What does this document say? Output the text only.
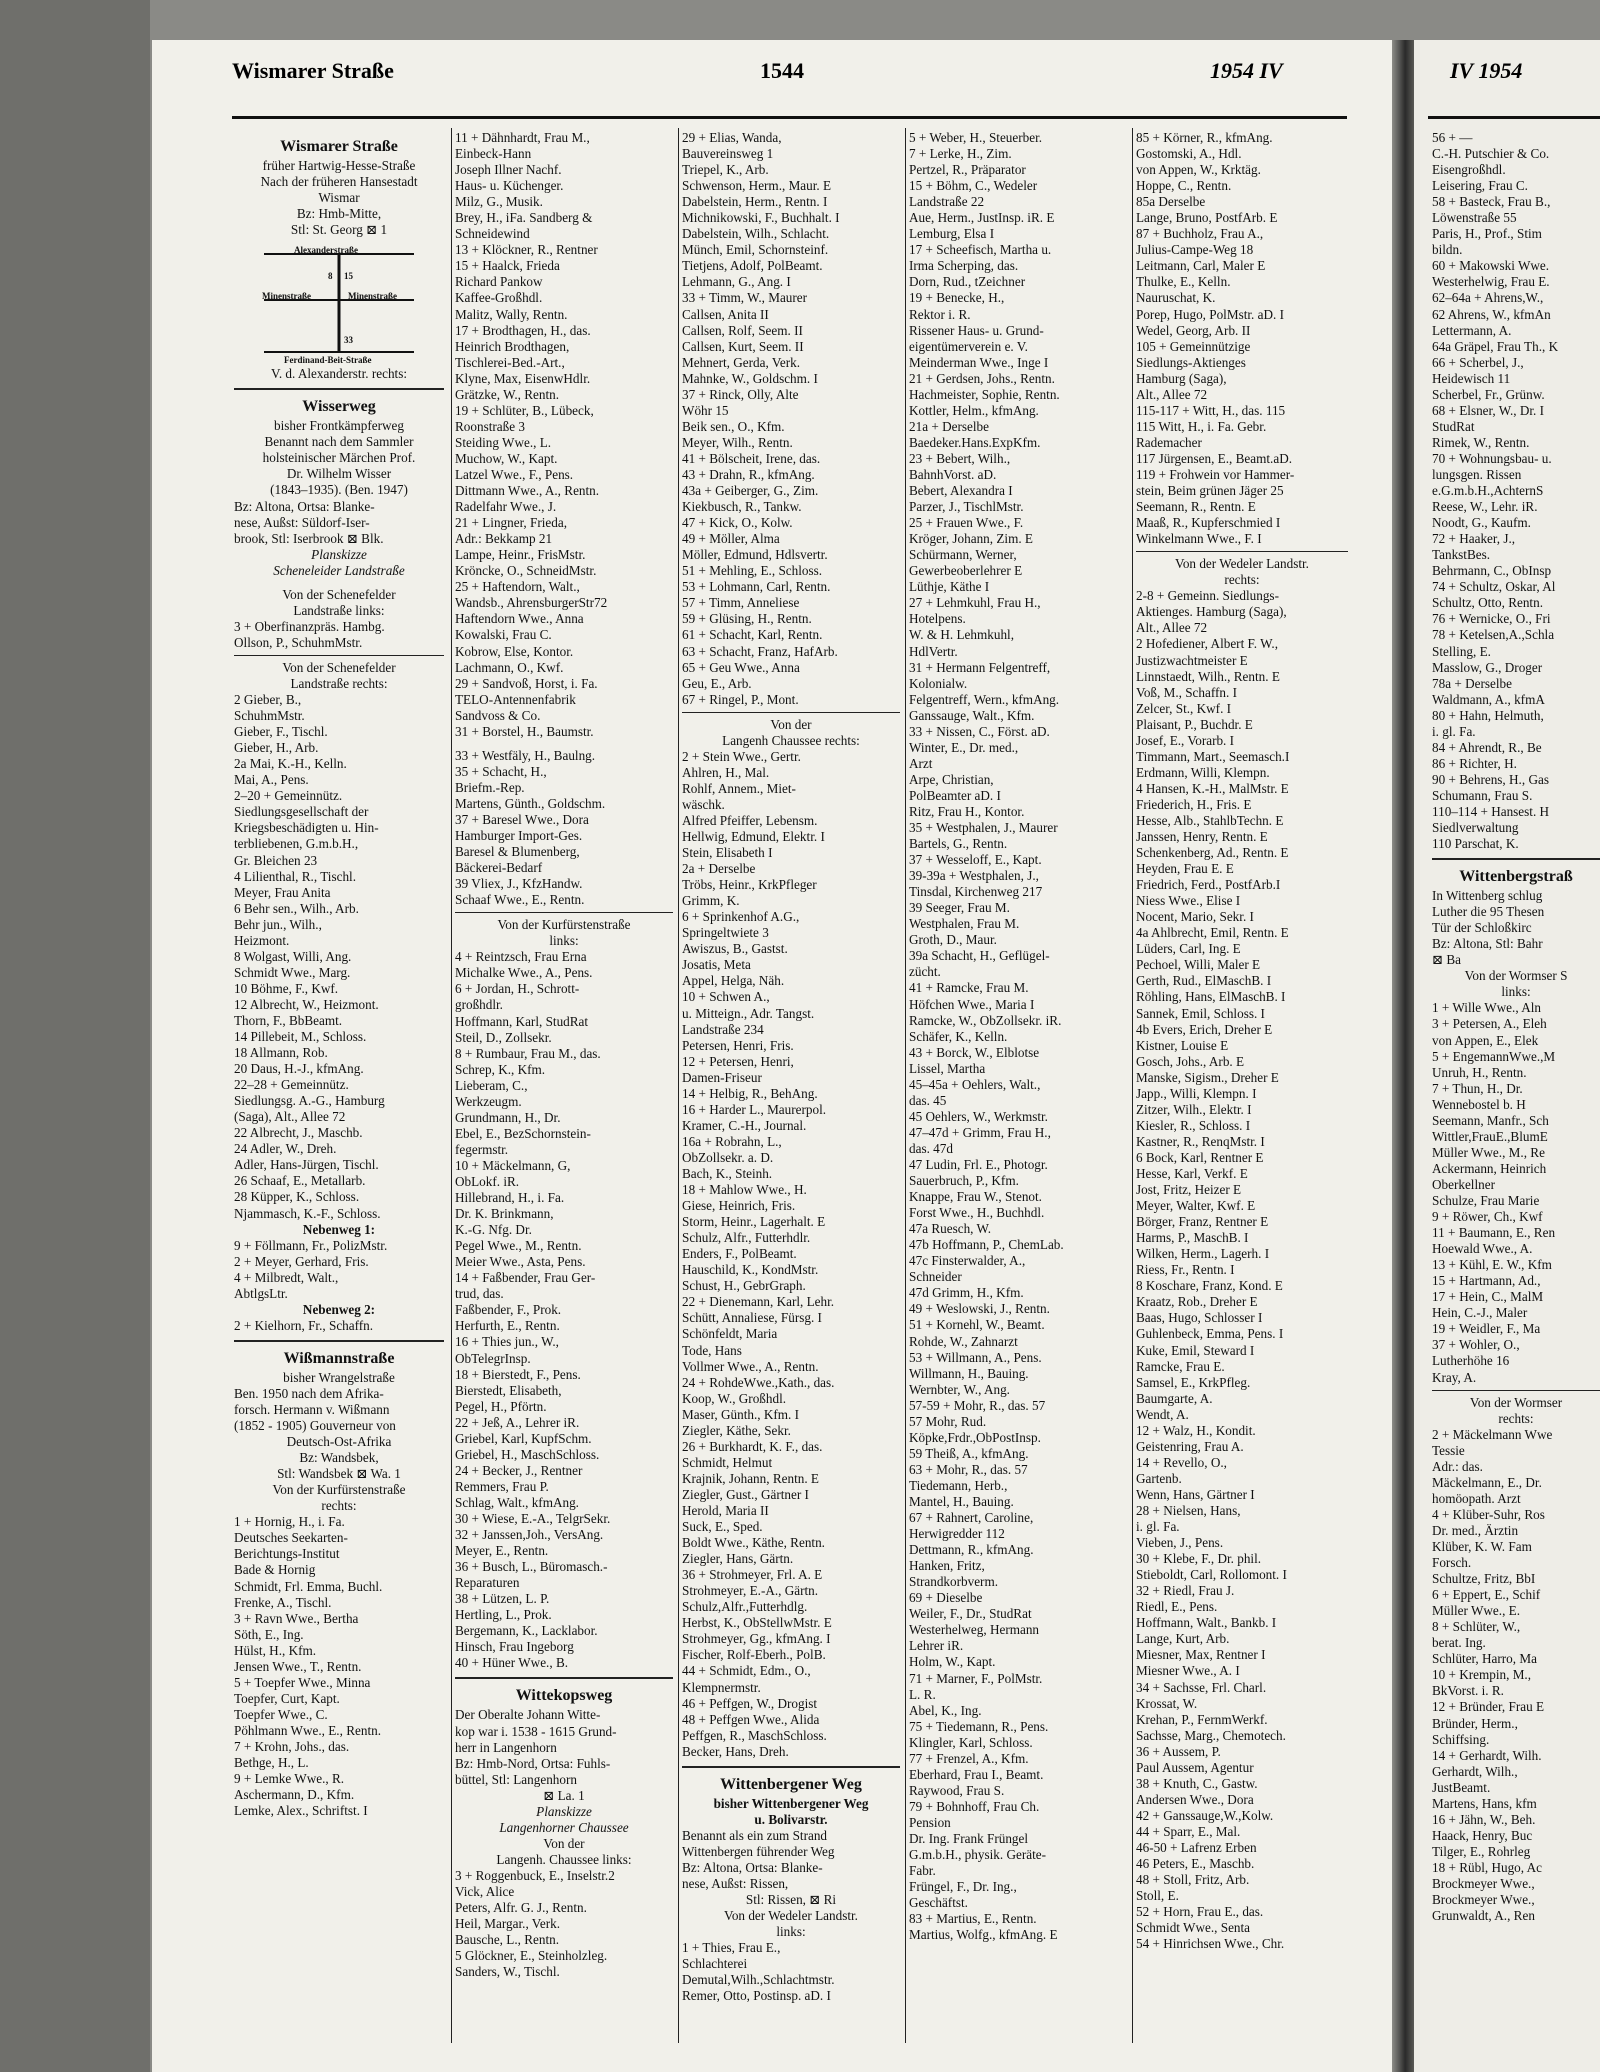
Wismarer Straße	1544	1954 IV	IV 1954
Wismarer Straße
früher Hartwig-Hesse-Straße
Nach der früheren Hansestadt
Wismar
Bz: Hmb-Mitte,
Stl: St. Georg ⊠ 1
Alexanderstraße
Minenstraße	Minenstraße
Ferdinand-Beit-Straße
8 15
33
V. d. Alexanderstr. rechts:
Wisserweg
bisher Frontkämpferweg
Benannt nach dem Sammler
holsteinischer Märchen Prof.
Dr. Wilhelm Wisser
(1843–1935). (Ben. 1947)
Bz: Altona, Ortsa: Blanke-
nese, Außst: Süldorf-Iser-
brook, Stl: Iserbrook ⊠ Blk.
Planskizze
Scheneleider Landstraße
Von der Schenefelder
Landstraße links:
3 + Oberfinanzpräs. Hambg.
Ollson, P., SchuhmMstr.
Von der Schenefelder
Landstraße rechts:
2 Gieber, B.,
SchuhmMstr.
Gieber, F., Tischl.
Gieber, H., Arb.
2a Mai, K.-H., Kelln.
Mai, A., Pens.
2–20 + Gemeinnütz.
Siedlungsgesellschaft der
Kriegsbeschädigten u. Hin-
terbliebenen, G.m.b.H.,
Gr. Bleichen 23
4 Lilienthal, R., Tischl.
Meyer, Frau Anita
6 Behr sen., Wilh., Arb.
Behr jun., Wilh.,
Heizmont.
8 Wolgast, Willi, Ang.
Schmidt Wwe., Marg.
10 Böhme, F., Kwf.
12 Albrecht, W., Heizmont.
Thorn, F., BbBeamt.
14 Pillebeit, M., Schloss.
18 Allmann, Rob.
20 Daus, H.-J., kfmAng.
22–28 + Gemeinnütz.
Siedlungsg. A.-G., Hamburg
(Saga), Alt., Allee 72
22 Albrecht, J., Maschb.
24 Adler, W., Dreh.
Adler, Hans-Jürgen, Tischl.
26 Schaaf, E., Metallarb.
28 Küpper, K., Schloss.
Njammasch, K.-F., Schloss.
Nebenweg 1:
9 + Föllmann, Fr., PolizMstr.
2 + Meyer, Gerhard, Fris.
4 + Milbredt, Walt.,
AbtlgsLtr.
Nebenweg 2:
2 + Kielhorn, Fr., Schaffn.
Wißmannstraße
bisher Wrangelstraße
Ben. 1950 nach dem Afrika-
forsch. Hermann v. Wißmann
(1852 - 1905) Gouverneur von
Deutsch-Ost-Afrika
Bz: Wandsbek,
Stl: Wandsbek ⊠ Wa. 1
Von der Kurfürstenstraße
rechts:
1 + Hornig, H., i. Fa.
Deutsches Seekarten-
Berichtungs-Institut
Bade & Hornig
Schmidt, Frl. Emma, Buchl.
Frenke, A., Tischl.
3 + Ravn Wwe., Bertha
Söth, E., Ing.
Hülst, H., Kfm.
Jensen Wwe., T., Rentn.
5 + Toepfer Wwe., Minna
Toepfer, Curt, Kapt.
Toepfer Wwe., C.
Pöhlmann Wwe., E., Rentn.
7 + Krohn, Johs., das.
Bethge, H., L.
9 + Lemke Wwe., R.
Aschermann, D., Kfm.
Lemke, Alex., Schriftst. I
11 + Dähnhardt, Frau M.,
Einbeck-Hann
Joseph Illner Nachf.
Haus- u. Küchenger.
Milz, G., Musik.
Brey, H., iFa. Sandberg &
Schneidewind
13 + Klöckner, R., Rentner
15 + Haalck, Frieda
Richard Pankow
Kaffee-Großhdl.
Malitz, Wally, Rentn.
17 + Brodthagen, H., das.
Heinrich Brodthagen,
Tischlerei-Bed.-Art.,
Klyne, Max, EisenwHdlr.
Grätzke, W., Rentn.
19 + Schlüter, B., Lübeck,
Roonstraße 3
Steiding Wwe., L.
Muchow, W., Kapt.
Latzel Wwe., F., Pens.
Dittmann Wwe., A., Rentn.
Radelfahr Wwe., J.
21 + Lingner, Frieda,
Adr.: Bekkamp 21
Lampe, Heinr., FrisMstr.
Kröncke, O., SchneidMstr.
25 + Haftendorn, Walt.,
Wandsb., AhrensburgerStr72
Haftendorn Wwe., Anna
Kowalski, Frau C.
Kobrow, Else, Kontor.
Lachmann, O., Kwf.
29 + Sandvoß, Horst, i. Fa.
TELO-Antennenfabrik
Sandvoss & Co.
31 + Borstel, H., Baumstr.
33 + Westfäly, H., Baulng.
35 + Schacht, H.,
Briefm.-Rep.
Martens, Günth., Goldschm.
37 + Baresel Wwe., Dora
Hamburger Import-Ges.
Baresel & Blumenberg,
Bäckerei-Bedarf
39 Vliex, J., KfzHandw.
Schaaf Wwe., E., Rentn.
Von der Kurfürstenstraße
links:
4 + Reintzsch, Frau Erna
Michalke Wwe., A., Pens.
6 + Jordan, H., Schrott-
großhdlr.
Hoffmann, Karl, StudRat
Steil, D., Zollsekr.
8 + Rumbaur, Frau M., das.
Schrep, K., Kfm.
Lieberam, C.,
Werkzeugm.
Grundmann, H., Dr.
Ebel, E., BezSchornstein-
fegermstr.
10 + Mäckelmann, G,
ObLokf. iR.
Hillebrand, H., i. Fa.
Dr. K. Brinkmann,
K.-G. Nfg. Dr.
Pegel Wwe., M., Rentn.
Meier Wwe., Asta, Pens.
14 + Faßbender, Frau Ger-
trud, das.
Faßbender, F., Prok.
Herfurth, E., Rentn.
16 + Thies jun., W.,
ObTelegrInsp.
18 + Bierstedt, F., Pens.
Bierstedt, Elisabeth,
Pegel, H., Pförtn.
22 + Jeß, A., Lehrer iR.
Griebel, Karl, KupfSchm.
Griebel, H., MaschSchloss.
24 + Becker, J., Rentner
Remmers, Frau P.
Schlag, Walt., kfmAng.
30 + Wiese, E.-A., TelgrSekr.
32 + Janssen,Joh., VersAng.
Meyer, E., Rentn.
36 + Busch, L., Büromasch.-
Reparaturen
38 + Lützen, L. P.
Hertling, L., Prok.
Bergemann, K., Lacklabor.
Hinsch, Frau Ingeborg
40 + Hüner Wwe., B.
Wittekopsweg
Der Oberalte Johann Witte-
kop war i. 1538 - 1615 Grund-
herr in Langenhorn
Bz: Hmb-Nord, Ortsa: Fuhls-
büttel, Stl: Langenhorn
⊠ La. 1
Planskizze
Langenhorner Chaussee
Von der
Langenh. Chaussee links:
3 + Roggenbuck, E., Inselstr.2
Vick, Alice
Peters, Alfr. G. J., Rentn.
Heil, Margar., Verk.
Bausche, L., Rentn.
5 Glöckner, E., Steinholzleg.
Sanders, W., Tischl.
29 + Elias, Wanda,
Bauvereinsweg 1
Triepel, K., Arb.
Schwenson, Herm., Maur. E
Dabelstein, Herm., Rentn. I
Michnikowski, F., Buchhalt. I
Dabelstein, Wilh., Schlacht.
Münch, Emil, Schornsteinf.
Tietjens, Adolf, PolBeamt.
Lehmann, G., Ang. I
33 + Timm, W., Maurer
Callsen, Anita II
Callsen, Rolf, Seem. II
Callsen, Kurt, Seem. II
Mehnert, Gerda, Verk.
Mahnke, W., Goldschm. I
37 + Rinck, Olly, Alte
Wöhr 15
Beik sen., O., Kfm.
Meyer, Wilh., Rentn.
41 + Bölscheit, Irene, das.
43 + Drahn, R., kfmAng.
43a + Geiberger, G., Zim.
Kiekbusch, R., Tankw.
47 + Kick, O., Kolw.
49 + Möller, Alma
Möller, Edmund, Hdlsvertr.
51 + Mehling, E., Schloss.
53 + Lohmann, Carl, Rentn.
57 + Timm, Anneliese
59 + Glüsing, H., Rentn.
61 + Schacht, Karl, Rentn.
63 + Schacht, Franz, HafArb.
65 + Geu Wwe., Anna
Geu, E., Arb.
67 + Ringel, P., Mont.
Von der
Langenh Chaussee rechts:
2 + Stein Wwe., Gertr.
Ahlren, H., Mal.
Rohlf, Annem., Miet-
wäschk.
Alfred Pfeiffer, Lebensm.
Hellwig, Edmund, Elektr. I
Stein, Elisabeth I
2a + Derselbe
Tröbs, Heinr., KrkPfleger
Grimm, K.
6 + Sprinkenhof A.G.,
Springeltwiete 3
Awiszus, B., Gastst.
Josatis, Meta
Appel, Helga, Näh.
10 + Schwen A.,
u. Mitteign., Adr. Tangst.
Landstraße 234
Petersen, Henri, Fris.
12 + Petersen, Henri,
Damen-Friseur
14 + Helbig, R., BehAng.
16 + Harder L., Maurerpol.
Kramer, C.-H., Journal.
16a + Robrahn, L.,
ObZollsekr. a. D.
Bach, K., Steinh.
18 + Mahlow Wwe., H.
Giese, Heinrich, Fris.
Storm, Heinr., Lagerhalt. E
Schulz, Alfr., Futterhdlr.
Enders, F., PolBeamt.
Hauschild, K., KondMstr.
Schust, H., GebrGraph.
22 + Dienemann, Karl, Lehr.
Schütt, Annaliese, Fürsg. I
Schönfeldt, Maria
Tode, Hans
Vollmer Wwe., A., Rentn.
24 + RohdeWwe.,Kath., das.
Koop, W., Großhdl.
Maser, Günth., Kfm. I
Ziegler, Käthe, Sekr.
26 + Burkhardt, K. F., das.
Schmidt, Helmut
Krajnik, Johann, Rentn. E
Ziegler, Gust., Gärtner I
Herold, Maria II
Suck, E., Sped.
Boldt Wwe., Käthe, Rentn.
Ziegler, Hans, Gärtn.
36 + Strohmeyer, Frl. A. E
Strohmeyer, E.-A., Gärtn.
Schulz,Alfr.,Futterhdlg.
Herbst, K., ObStellwMstr. E
Strohmeyer, Gg., kfmAng. I
Fischer, Rolf-Eberh., PolB.
44 + Schmidt, Edm., O.,
Klempnermstr.
46 + Peffgen, W., Drogist
48 + Peffgen Wwe., Alida
Peffgen, R., MaschSchloss.
Becker, Hans, Dreh.
Wittenbergener Weg
bisher Wittenbergener Weg
u. Bolivarstr.
Benannt als ein zum Strand
Wittenbergen führender Weg
Bz: Altona, Ortsa: Blanke-
nese, Außst: Rissen,
Stl: Rissen, ⊠ Ri
Von der Wedeler Landstr.
links:
1 + Thies, Frau E.,
Schlachterei
Demutal,Wilh.,Schlachtmstr.
Remer, Otto, Postinsp. aD. I
5 + Weber, H., Steuerber.
7 + Lerke, H., Zim.
Pertzel, R., Präparator
15 + Böhm, C., Wedeler
Landstraße 22
Aue, Herm., JustInsp. iR. E
Lemburg, Elsa I
17 + Scheefisch, Martha u.
Irma Scherping, das.
Dorn, Rud., tZeichner
19 + Benecke, H.,
Rektor i. R.
Rissener Haus- u. Grund-
eigentümerverein e. V.
Meinderman Wwe., Inge I
21 + Gerdsen, Johs., Rentn.
Hachmeister, Sophie, Rentn.
Kottler, Helm., kfmAng.
21a + Derselbe
Baedeker.Hans.ExpKfm.
23 + Bebert, Wilh.,
BahnhVorst. aD.
Bebert, Alexandra I
Parzer, J., TischlMstr.
25 + Frauen Wwe., F.
Kröger, Johann, Zim. E
Schürmann, Werner,
Gewerbeoberlehrer E
Lüthje, Käthe I
27 + Lehmkuhl, Frau H.,
Hotelpens.
W. & H. Lehmkuhl,
HdlVertr.
31 + Hermann Felgentreff,
Kolonialw.
Felgentreff, Wern., kfmAng.
Ganssauge, Walt., Kfm.
33 + Nissen, C., Först. aD.
Winter, E., Dr. med.,
Arzt
Arpe, Christian,
PolBeamter aD. I
Ritz, Frau H., Kontor.
35 + Westphalen, J., Maurer
Bartels, G., Rentn.
37 + Wesseloff, E., Kapt.
39-39a + Westphalen, J.,
Tinsdal, Kirchenweg 217
39 Seeger, Frau M.
Westphalen, Frau M.
Groth, D., Maur.
39a Schacht, H., Geflügel-
zücht.
41 + Ramcke, Frau M.
Höfchen Wwe., Maria I
Ramcke, W., ObZollsekr. iR.
Schäfer, K., Kelln.
43 + Borck, W., Elblotse
Lissel, Martha
45–45a + Oehlers, Walt.,
das. 45
45 Oehlers, W., Werkmstr.
47–47d + Grimm, Frau H.,
das. 47d
47 Ludin, Frl. E., Photogr.
Sauerbruch, P., Kfm.
Knappe, Frau W., Stenot.
Forst Wwe., H., Buchhdl.
47a Ruesch, W.
47b Hoffmann, P., ChemLab.
47c Finsterwalder, A.,
Schneider
47d Grimm, H., Kfm.
49 + Weslowski, J., Rentn.
51 + Kornehl, W., Beamt.
Rohde, W., Zahnarzt
53 + Willmann, A., Pens.
Willmann, H., Bauing.
Wernbter, W., Ang.
57-59 + Mohr, R., das. 57
57 Mohr, Rud.
Köpke,Frdr.,ObPostInsp.
59 Theiß, A., kfmAng.
63 + Mohr, R., das. 57
Tiedemann, Herb.,
Mantel, H., Bauing.
67 + Rahnert, Caroline,
Herwigredder 112
Dettmann, R., kfmAng.
Hanken, Fritz,
Strandkorbverm.
69 + Dieselbe
Weiler, F., Dr., StudRat
Westerhelweg, Hermann
Lehrer iR.
Holm, W., Kapt.
71 + Marner, F., PolMstr.
L. R.
Abel, K., Ing.
75 + Tiedemann, R., Pens.
Klingler, Karl, Schloss.
77 + Frenzel, A., Kfm.
Eberhard, Frau I., Beamt.
Raywood, Frau S.
79 + Bohnhoff, Frau Ch.
Pension
Dr. Ing. Frank Früngel
G.m.b.H., physik. Geräte-
Fabr.
Früngel, F., Dr. Ing.,
Geschäftst.
83 + Martius, E., Rentn.
Martius, Wolfg., kfmAng. E
85 + Körner, R., kfmAng.
Gostomski, A., Hdl.
von Appen, W., Krktäg.
Hoppe, C., Rentn.
85a Derselbe
Lange, Bruno, PostfArb. E
87 + Buchholz, Frau A.,
Julius-Campe-Weg 18
Leitmann, Carl, Maler E
Thulke, E., Kelln.
Nauruschat, K.
Porep, Hugo, PolMstr. aD. I
Wedel, Georg, Arb. II
105 + Gemeinnützige
Siedlungs-Aktienges
Hamburg (Saga),
Alt., Allee 72
115-117 + Witt, H., das. 115
115 Witt, H., i. Fa. Gebr.
Rademacher
117 Jürgensen, E., Beamt.aD.
119 + Frohwein vor Hammer-
stein, Beim grünen Jäger 25
Seemann, R., Rentn. E
Maaß, R., Kupferschmied I
Winkelmann Wwe., F. I
Von der Wedeler Landstr.
rechts:
2-8 + Gemeinn. Siedlungs-
Aktienges. Hamburg (Saga),
Alt., Allee 72
2 Hofediener, Albert F. W.,
Justizwachtmeister E
Linnstaedt, Wilh., Rentn. E
Voß, M., Schaffn. I
Zelcer, St., Kwf. I
Plaisant, P., Buchdr. E
Josef, E., Vorarb. I
Timmann, Mart., Seemasch.I
Erdmann, Willi, Klempn.
4 Hansen, K.-H., MalMstr. E
Friederich, H., Fris. E
Hesse, Alb., StahlbTechn. E
Janssen, Henry, Rentn. E
Schenkenberg, Ad., Rentn. E
Heyden, Frau E. E
Friedrich, Ferd., PostfArb.I
Niess Wwe., Elise I
Nocent, Mario, Sekr. I
4a Ahlbrecht, Emil, Rentn. E
Lüders, Carl, Ing. E
Pechoel, Willi, Maler E
Gerth, Rud., ElMaschB. I
Röhling, Hans, ElMaschB. I
Sannek, Emil, Schloss. I
4b Evers, Erich, Dreher E
Kistner, Louise E
Gosch, Johs., Arb. E
Manske, Sigism., Dreher E
Japp., Willi, Klempn. I
Zitzer, Wilh., Elektr. I
Kiesler, R., Schloss. I
Kastner, R., RenqMstr. I
6 Bock, Karl, Rentner E
Hesse, Karl, Verkf. E
Jost, Fritz, Heizer E
Meyer, Walter, Kwf. E
Börger, Franz, Rentner E
Harms, P., MaschB. I
Wilken, Herm., Lagerh. I
Riess, Fr., Rentn. I
8 Koschare, Franz, Kond. E
Kraatz, Rob., Dreher E
Baas, Hugo, Schlosser I
Guhlenbeck, Emma, Pens. I
Kuke, Emil, Steward I
Ramcke, Frau E.
Samsel, E., KrkPfleg.
Baumgarte, A.
Wendt, A.
12 + Walz, H., Kondit.
Geistenring, Frau A.
14 + Revello, O.,
Gartenb.
Wenn, Hans, Gärtner I
28 + Nielsen, Hans,
i. gl. Fa.
Vieben, J., Pens.
30 + Klebe, F., Dr. phil.
Stieboldt, Carl, Rollomont. I
32 + Riedl, Frau J.
Riedl, E., Pens.
Hoffmann, Walt., Bankb. I
Lange, Kurt, Arb.
Miesner, Max, Rentner I
Miesner Wwe., A. I
34 + Sachsse, Frl. Charl.
Krossat, W.
Krehan, P., FernmWerkf.
Sachsse, Marg., Chemotech.
36 + Aussem, P.
Paul Aussem, Agentur
38 + Knuth, C., Gastw.
Andersen Wwe., Dora
42 + Ganssauge,W.,Kolw.
44 + Sparr, E., Mal.
46-50 + Lafrenz Erben
46 Peters, E., Maschb.
48 + Stoll, Fritz, Arb.
Stoll, E.
52 + Horn, Frau E., das.
Schmidt Wwe., Senta
54 + Hinrichsen Wwe., Chr.
56 + —
C.-H. Putschier & Co.
Eisengroßhdl.
Leisering, Frau C.
58 + Basteck, Frau B.,
Löwenstraße 55
Paris, H., Prof., Stim
bildn.
60 + Makowski Wwe.
Westerhelwig, Frau E.
62–64a + Ahrens,W.,
62 Ahrens, W., kfmAn
Lettermann, A.
64a Gräpel, Frau Th., K
66 + Scherbel, J.,
Heidewisch 11
Scherbel, Fr., Grünw.
68 + Elsner, W., Dr. I
StudRat
Rimek, W., Rentn.
70 + Wohnungsbau- u.
lungsgen. Rissen
e.G.m.b.H.,AchternS
Reese, W., Lehr. iR.
Noodt, G., Kaufm.
72 + Haaker, J.,
TankstBes.
Behrmann, C., ObInsp
74 + Schultz, Oskar, Al
Schultz, Otto, Rentn.
76 + Wernicke, O., Fri
78 + Ketelsen,A.,Schla
Stelling, E.
Masslow, G., Droger
78a + Derselbe
Waldmann, A., kfmA
80 + Hahn, Helmuth,
i. gl. Fa.
84 + Ahrendt, R., Be
86 + Richter, H.
90 + Behrens, H., Gas
Schumann, Frau S.
110–114 + Hansest. H
Siedlverwaltung
110 Parschat, K.
Wittenbergstraß
In Wittenberg schlug
Luther die 95 Thesen
Tür der Schloßkirc
Bz: Altona, Stl: Bahr
⊠ Ba
Von der Wormser S
links:
1 + Wille Wwe., Aln
3 + Petersen, A., Eleh
von Appen, E., Elek
5 + EngemannWwe.,M
Unruh, H., Rentn.
7 + Thun, H., Dr.
Wennebostel b. H
Seemann, Manfr., Sch
Wittler,FrauE.,BlumE
Müller Wwe., M., Re
Ackermann, Heinrich
Oberkellner
Schulze, Frau Marie
9 + Röwer, Ch., Kwf
11 + Baumann, E., Ren
Hoewald Wwe., A.
13 + Kühl, E. W., Kfm
15 + Hartmann, Ad.,
17 + Hein, C., MalM
Hein, C.-J., Maler
19 + Weidler, F., Ma
37 + Wohler, O.,
Lutherhöhe 16
Kray, A.
Von der Wormser
rechts:
2 + Mäckelmann Wwe
Tessie
Adr.: das.
Mäckelmann, E., Dr.
homöopath. Arzt
4 + Klüber-Suhr, Ros
Dr. med., Ärztin
Klüber, K. W. Fam
Forsch.
Schultze, Fritz, BbI
6 + Eppert, E., Schif
Müller Wwe., E.
8 + Schlüter, W.,
berat. Ing.
Schlüter, Harro, Ma
10 + Krempin, M.,
BkVorst. i. R.
12 + Bründer, Frau E
Bründer, Herm.,
Schiffsing.
14 + Gerhardt, Wilh.
Gerhardt, Wilh.,
JustBeamt.
Martens, Hans, kfm
16 + Jähn, W., Beh.
Haack, Henry, Buc
Tilger, E., Rohrleg
18 + Rübl, Hugo, Ac
Brockmeyer Wwe.,
Brockmeyer Wwe.,
Grunwaldt, A., Ren
